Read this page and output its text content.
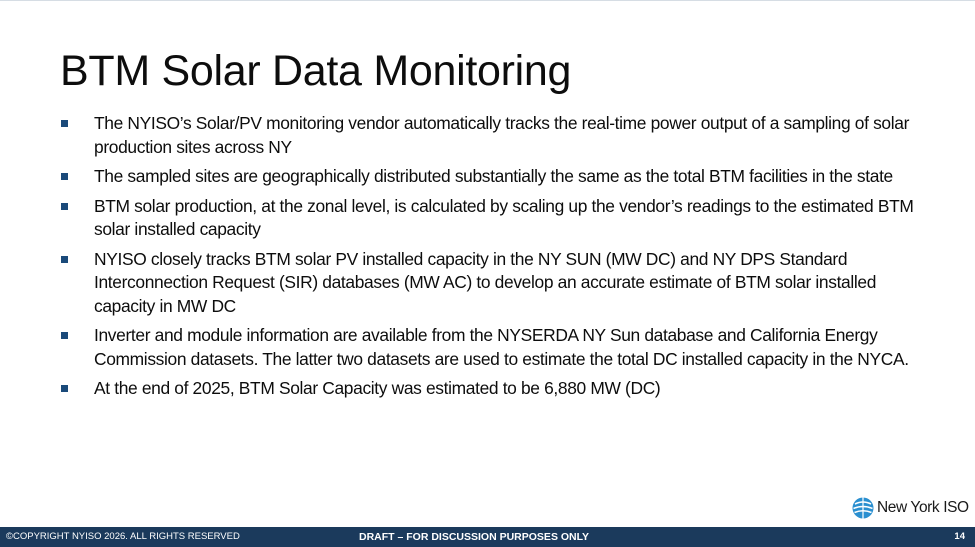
BTM Solar Data Monitoring
The NYISO’s Solar/PV monitoring vendor automatically tracks the real-time power output of a sampling of solar production sites across NY
The sampled sites are geographically distributed substantially the same as the total BTM facilities in the state
BTM solar production, at the zonal level, is calculated by scaling up the vendor’s readings to the estimated BTM solar installed capacity
NYISO closely tracks BTM solar PV installed capacity in the NY SUN (MW DC) and NY DPS Standard Interconnection Request (SIR) databases (MW AC) to develop an accurate estimate of BTM solar installed capacity in MW DC
Inverter and module information are available from the NYSERDA NY Sun database and California Energy Commission datasets. The latter two datasets are used to estimate the total DC installed capacity in the NYCA.
At the end of 2025, BTM Solar Capacity was estimated to be 6,880 MW (DC)
New York ISO
©COPYRIGHT NYISO 2026. ALL RIGHTS RESERVED	DRAFT – FOR DISCUSSION PURPOSES ONLY	14
